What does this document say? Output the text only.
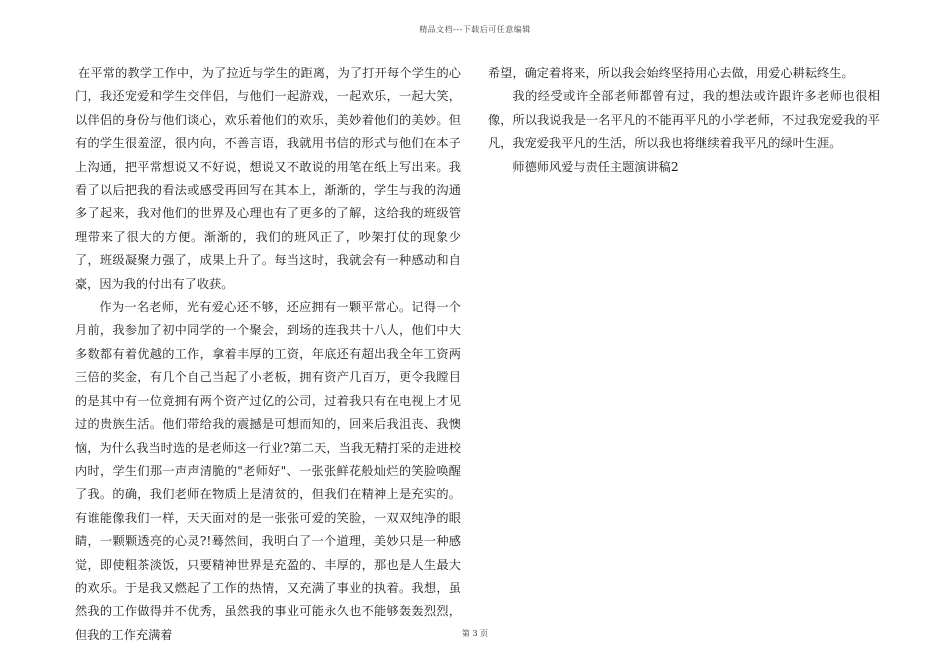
精品文档---下载后可任意编辑

在平常的教学工作中，为了拉近与学生的距离，为了打开每个学生的心门，我还宠爱和学生交伴侣，与他们一起游戏，一起欢乐，一起大笑，以伴侣的身份与他们谈心，欢乐着他们的欢乐，美妙着他们的美妙。但有的学生很羞涩，很内向，不善言语，我就用书信的形式与他们在本子上沟通，把平常想说又不好说，想说又不敢说的用笔在纸上写出来。我看了以后把我的看法或感受再回写在其本上，渐渐的，学生与我的沟通多了起来，我对他们的世界及心理也有了更多的了解，这给我的班级管理带来了很大的方便。渐渐的，我们的班风正了，吵架打仗的现象少了，班级凝聚力强了，成果上升了。每当这时，我就会有一种感动和自豪，因为我的付出有了收获。

作为一名老师，光有爱心还不够，还应拥有一颗平常心。记得一个月前，我参加了初中同学的一个聚会，到场的连我共十八人，他们中大多数都有着优越的工作，拿着丰厚的工资，年底还有超出我全年工资两三倍的奖金，有几个自己当起了小老板，拥有资产几百万，更令我瞠目的是其中有一位竟拥有两个资产过亿的公司，过着我只有在电视上才见过的贵族生活。他们带给我的震撼是可想而知的，回来后我沮丧、我懊恼，为什么我当时选的是老师这一行业?第二天，当我无精打采的走进校内时，学生们那一声声清脆的"老师好"、一张张鲜花般灿烂的笑脸唤醒了我。的确，我们老师在物质上是清贫的，但我们在精神上是充实的。有谁能像我们一样，天天面对的是一张张可爱的笑脸，一双双纯净的眼睛，一颗颗透亮的心灵?!蓦然间，我明白了一个道理，美妙只是一种感觉，即使粗茶淡饭，只要精神世界是充盈的、丰厚的，那也是人生最大的欢乐。于是我又燃起了工作的热情，又充满了事业的执着。我想，虽然我的工作做得并不优秀，虽然我的事业可能永久也不能够轰轰烈烈，但我的工作充满着

希望，确定着将来，所以我会始终坚持用心去做，用爱心耕耘终生。

我的经受或许全部老师都曾有过，我的想法或许跟许多老师也很相像，所以我说我是一名平凡的不能再平凡的小学老师，不过我宠爱我的平凡，我宠爱我平凡的生活，所以我也将继续着我平凡的绿叶生涯。

师德师风爱与责任主题演讲稿2

第 3 页
